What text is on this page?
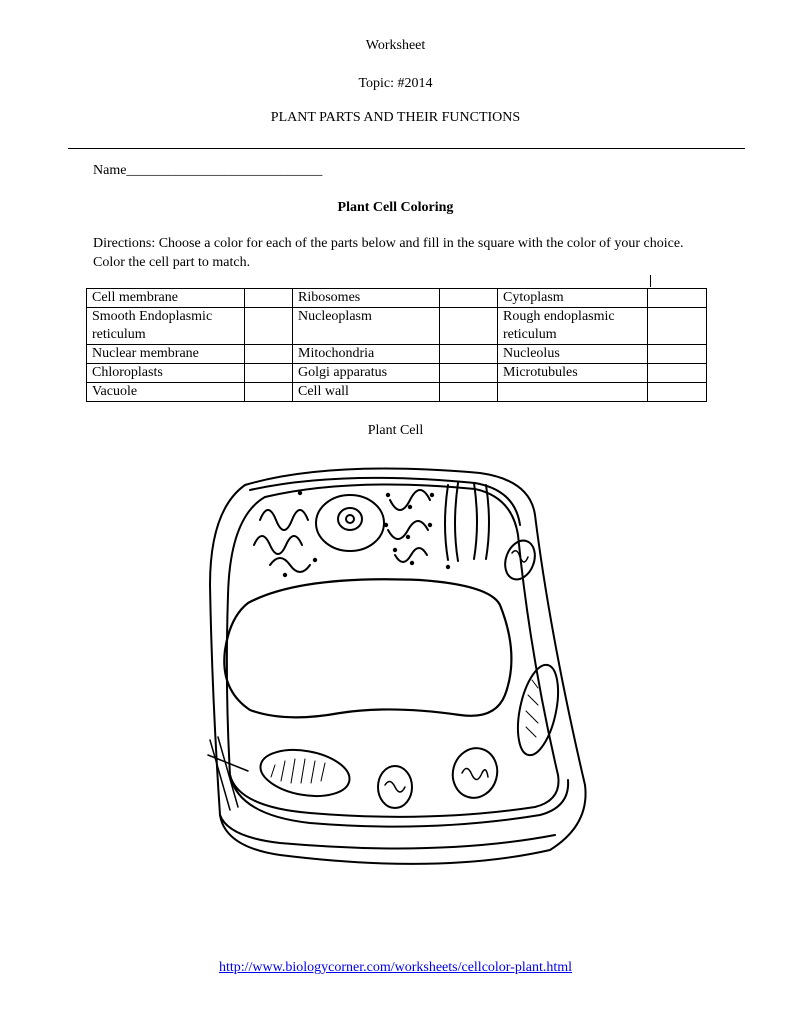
Worksheet
Topic: #2014
PLANT PARTS AND THEIR FUNCTIONS
Name____________________________
Plant Cell Coloring
Directions: Choose a color for each of the parts below and fill in the square with the color of your choice. Color the cell part to match.
Cell membrane		Ribosomes		Cytoplasm	
Smooth Endoplasmic reticulum		Nucleoplasm		Rough endoplasmic reticulum	
Nuclear membrane		Mitochondria		Nucleolus	
Chloroplasts		Golgi apparatus		Microtubules	
Vacuole		Cell wall			
Plant Cell
http://www.biologycorner.com/worksheets/cellcolor-plant.html
